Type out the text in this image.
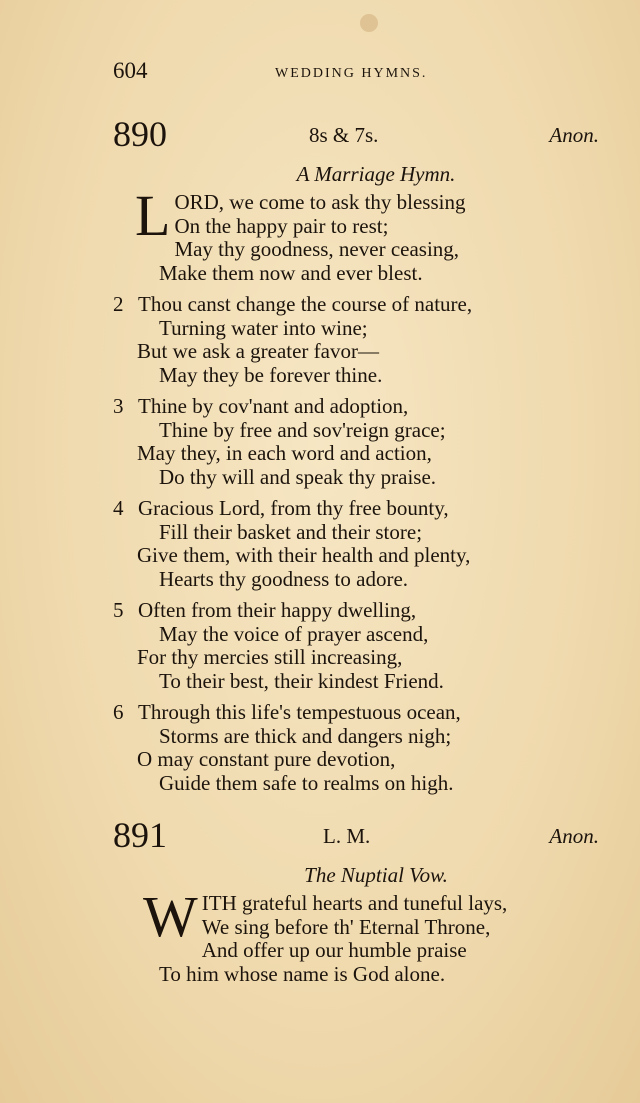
604	WEDDING HYMNS.
890	8s & 7s.	Anon.
A Marriage Hymn.
L ORD, we come to ask thy blessing
On the happy pair to rest;
May thy goodness, never ceasing,
Make them now and ever blest.
2 Thou canst change the course of nature,
Turning water into wine;
But we ask a greater favor—
May they be forever thine.
3 Thine by cov'nant and adoption,
Thine by free and sov'reign grace;
May they, in each word and action,
Do thy will and speak thy praise.
4 Gracious Lord, from thy free bounty,
Fill their basket and their store;
Give them, with their health and plenty,
Hearts thy goodness to adore.
5 Often from their happy dwelling,
May the voice of prayer ascend,
For thy mercies still increasing,
To their best, their kindest Friend.
6 Through this life's tempestuous ocean,
Storms are thick and dangers nigh;
O may constant pure devotion,
Guide them safe to realms on high.
891	L. M.	Anon.
The Nuptial Vow.
W ITH grateful hearts and tuneful lays,
We sing before th' Eternal Throne,
And offer up our humble praise
To him whose name is God alone.
